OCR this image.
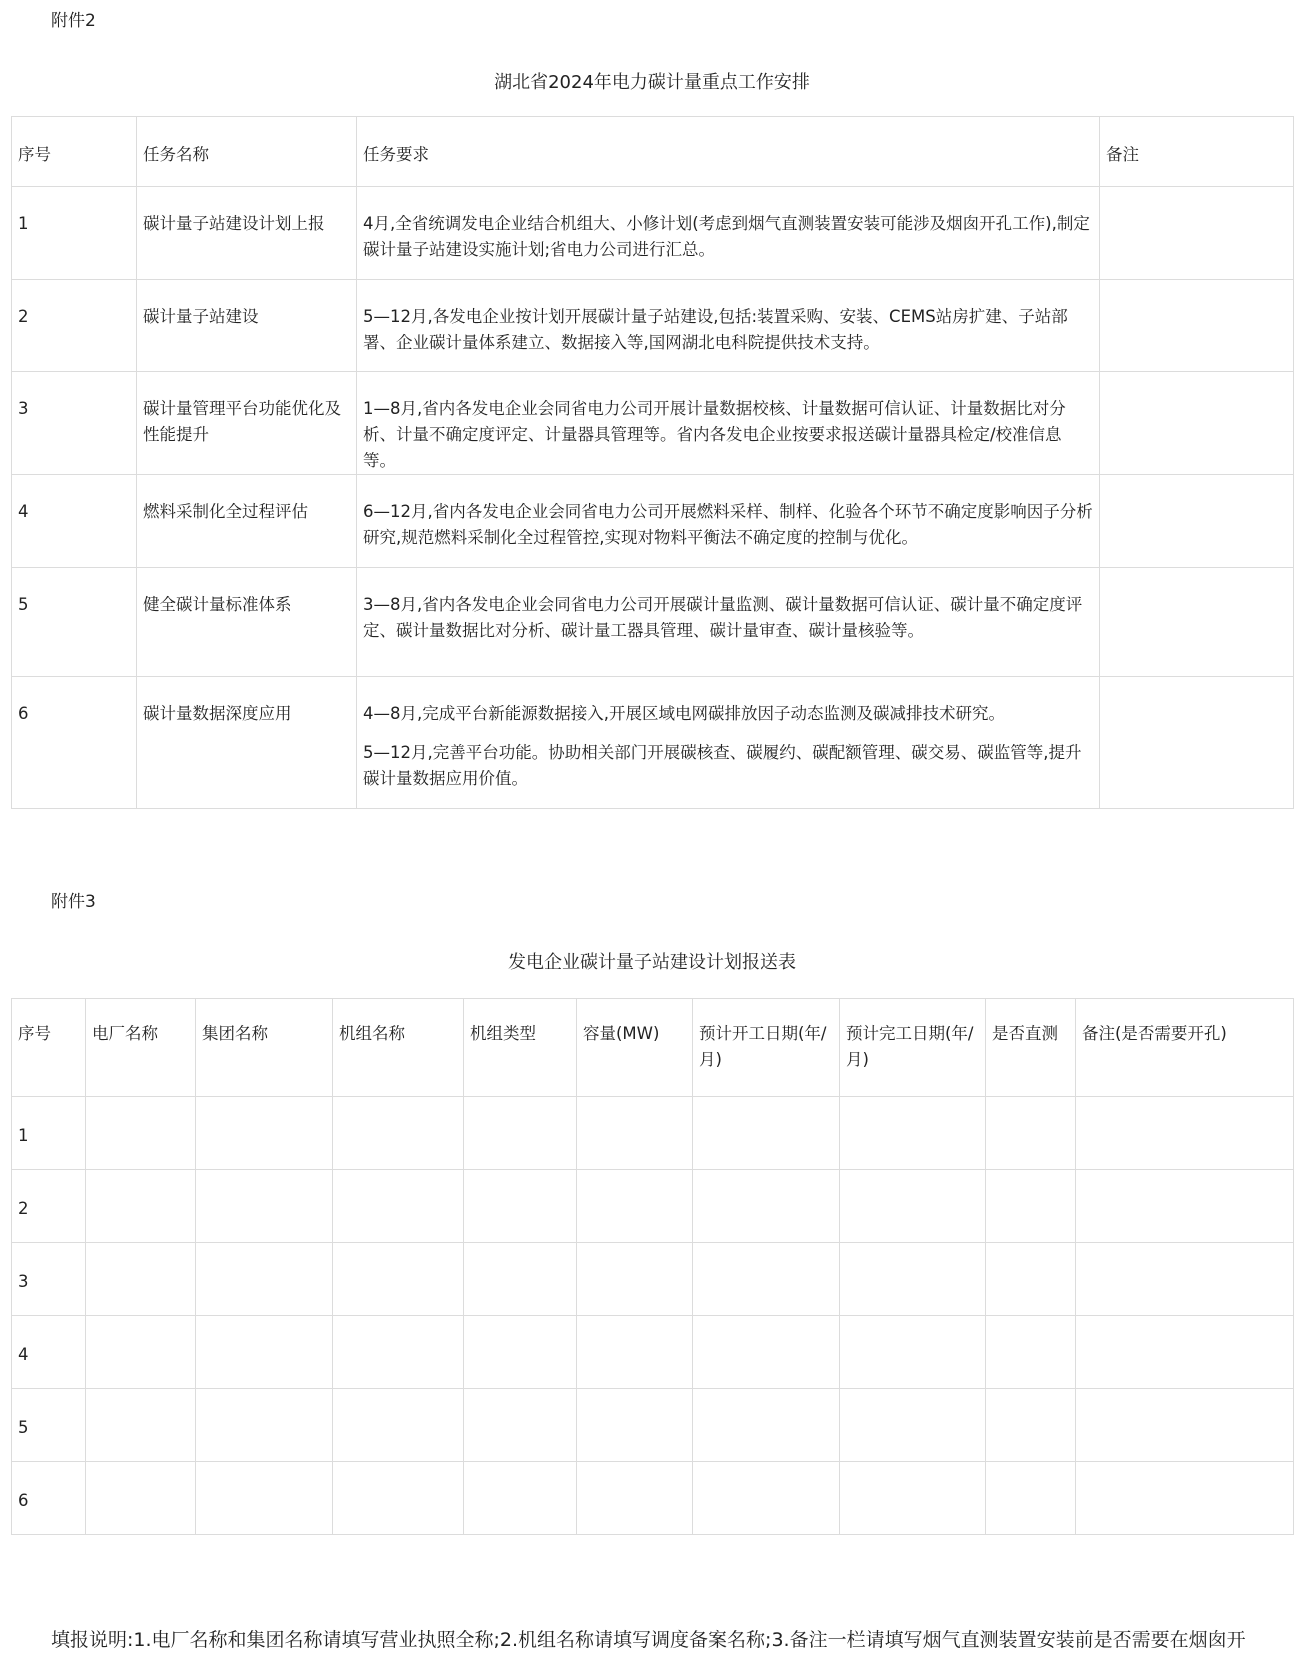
附件2
湖北省2024年电力碳计量重点工作安排
序号	任务名称	任务要求	备注

1	碳计量子站建设计划上报	4月,全省统调发电企业结合机组大、小修计划(考虑到烟气直测装置安装可能涉及烟囱开孔工作),制定碳计量子站建设实施计划;省电力公司进行汇总。	

2	碳计量子站建设	5—12月,各发电企业按计划开展碳计量子站建设,包括:装置采购、安装、CEMS站房扩建、子站部署、企业碳计量体系建立、数据接入等,国网湖北电科院提供技术支持。	

3	碳计量管理平台功能优化及性能提升	1—8月,省内各发电企业会同省电力公司开展计量数据校核、计量数据可信认证、计量数据比对分析、计量不确定度评定、计量器具管理等。省内各发电企业按要求报送碳计量器具检定/校准信息等。	

4	燃料采制化全过程评估	6—12月,省内各发电企业会同省电力公司开展燃料采样、制样、化验各个环节不确定度影响因子分析研究,规范燃料采制化全过程管控,实现对物料平衡法不确定度的控制与优化。	

5	健全碳计量标准体系	3—8月,省内各发电企业会同省电力公司开展碳计量监测、碳计量数据可信认证、碳计量不确定度评定、碳计量数据比对分析、碳计量工器具管理、碳计量审查、碳计量核验等。	

6	碳计量数据深度应用	4—8月,完成平台新能源数据接入,开展区域电网碳排放因子动态监测及碳减排技术研究。

5—12月,完善平台功能。协助相关部门开展碳核查、碳履约、碳配额管理、碳交易、碳监管等,提升碳计量数据应用价值。	

附件3
发电企业碳计量子站建设计划报送表
序号	电厂名称	集团名称	机组名称	机组类型	容量(MW)	预计开工日期(年/月)	预计完工日期(年/月)	是否直测	备注(是否需要开孔)

1									

2									

3									

4									

5									

6									

填报说明:1.电厂名称和集团名称请填写营业执照全称;2.机组名称请填写调度备案名称;3.备注一栏请填写烟气直测装置安装前是否需要在烟囱开
